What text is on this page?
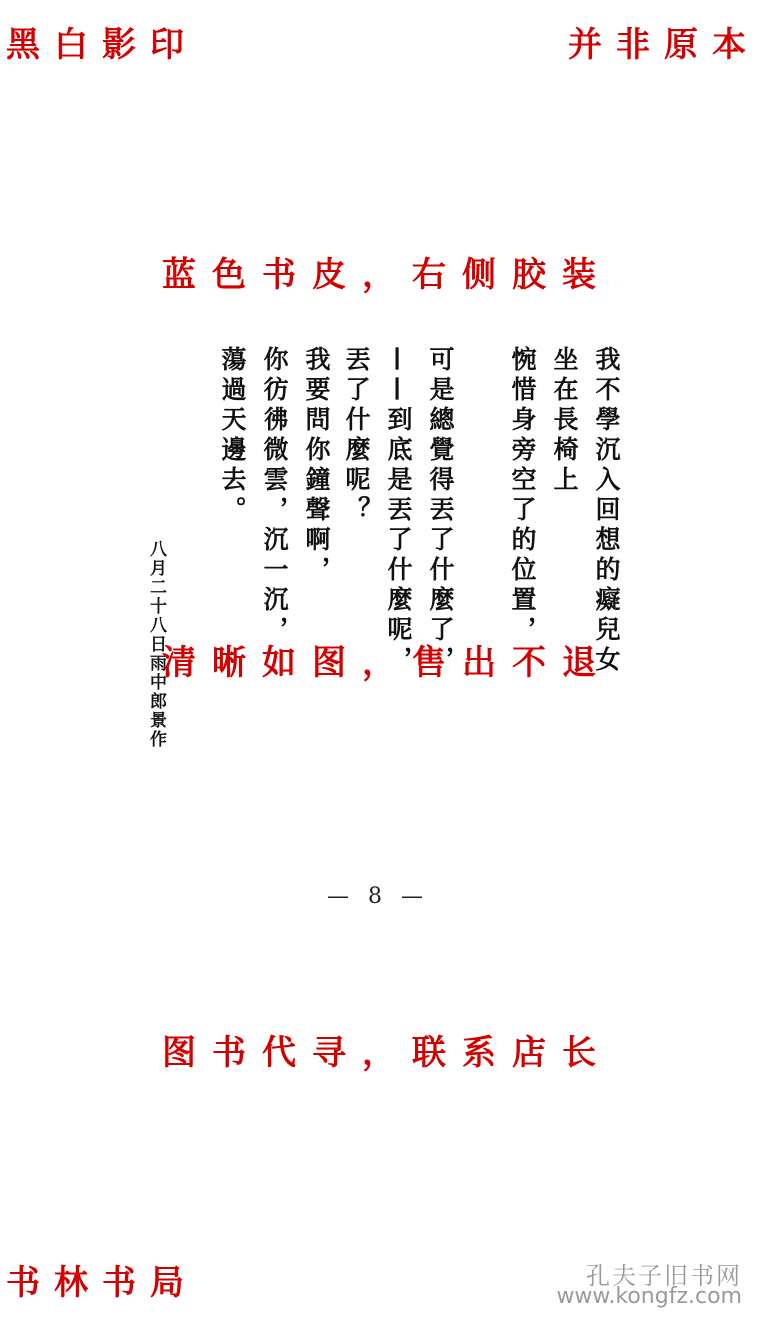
黑白影印	并非原本
蓝色书皮，右侧胶装
我不學沉入回想的癡兒女
坐在長椅上
惋惜身旁空了的位置，
可是總覺得丟了什麼了，
——到底是丟了什麼呢，
丟了什麼呢？
我要問你鐘聲啊，
你彷彿微雲，沉一沉，
蕩過天邊去。
八月二十八日雨中郎景作
清晰如图，售出不退
— 8 —
图书代寻，联系店长
书林书局	孔夫子旧书网
www.kongfz.com
